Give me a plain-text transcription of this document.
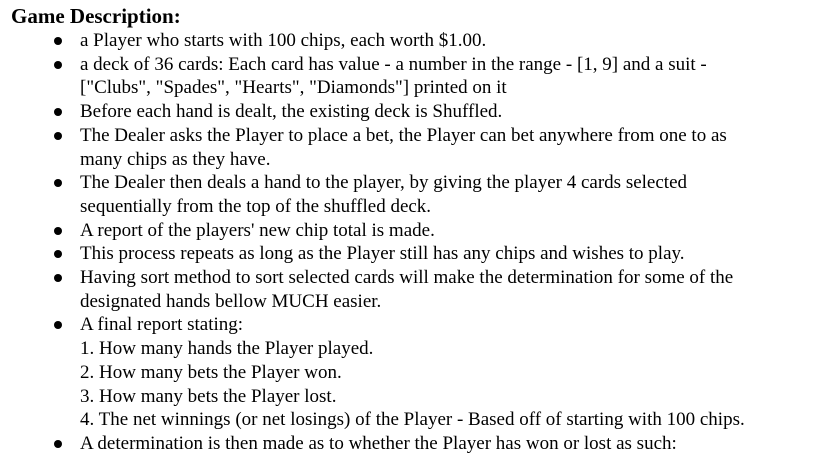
Game Description:
a Player who starts with 100 chips, each worth $1.00.
a deck of 36 cards: Each card has value - a number in the range - [1, 9] and a suit -
["Clubs", "Spades", "Hearts", "Diamonds"] printed on it
Before each hand is dealt, the existing deck is Shuffled.
The Dealer asks the Player to place a bet, the Player can bet anywhere from one to as
many chips as they have.
The Dealer then deals a hand to the player, by giving the player 4 cards selected
sequentially from the top of the shuffled deck.
A report of the players' new chip total is made.
This process repeats as long as the Player still has any chips and wishes to play.
Having sort method to sort selected cards will make the determination for some of the
designated hands bellow MUCH easier.
A final report stating:
1. How many hands the Player played.
2. How many bets the Player won.
3. How many bets the Player lost.
4. The net winnings (or net losings) of the Player - Based off of starting with 100 chips.
A determination is then made as to whether the Player has won or lost as such:
